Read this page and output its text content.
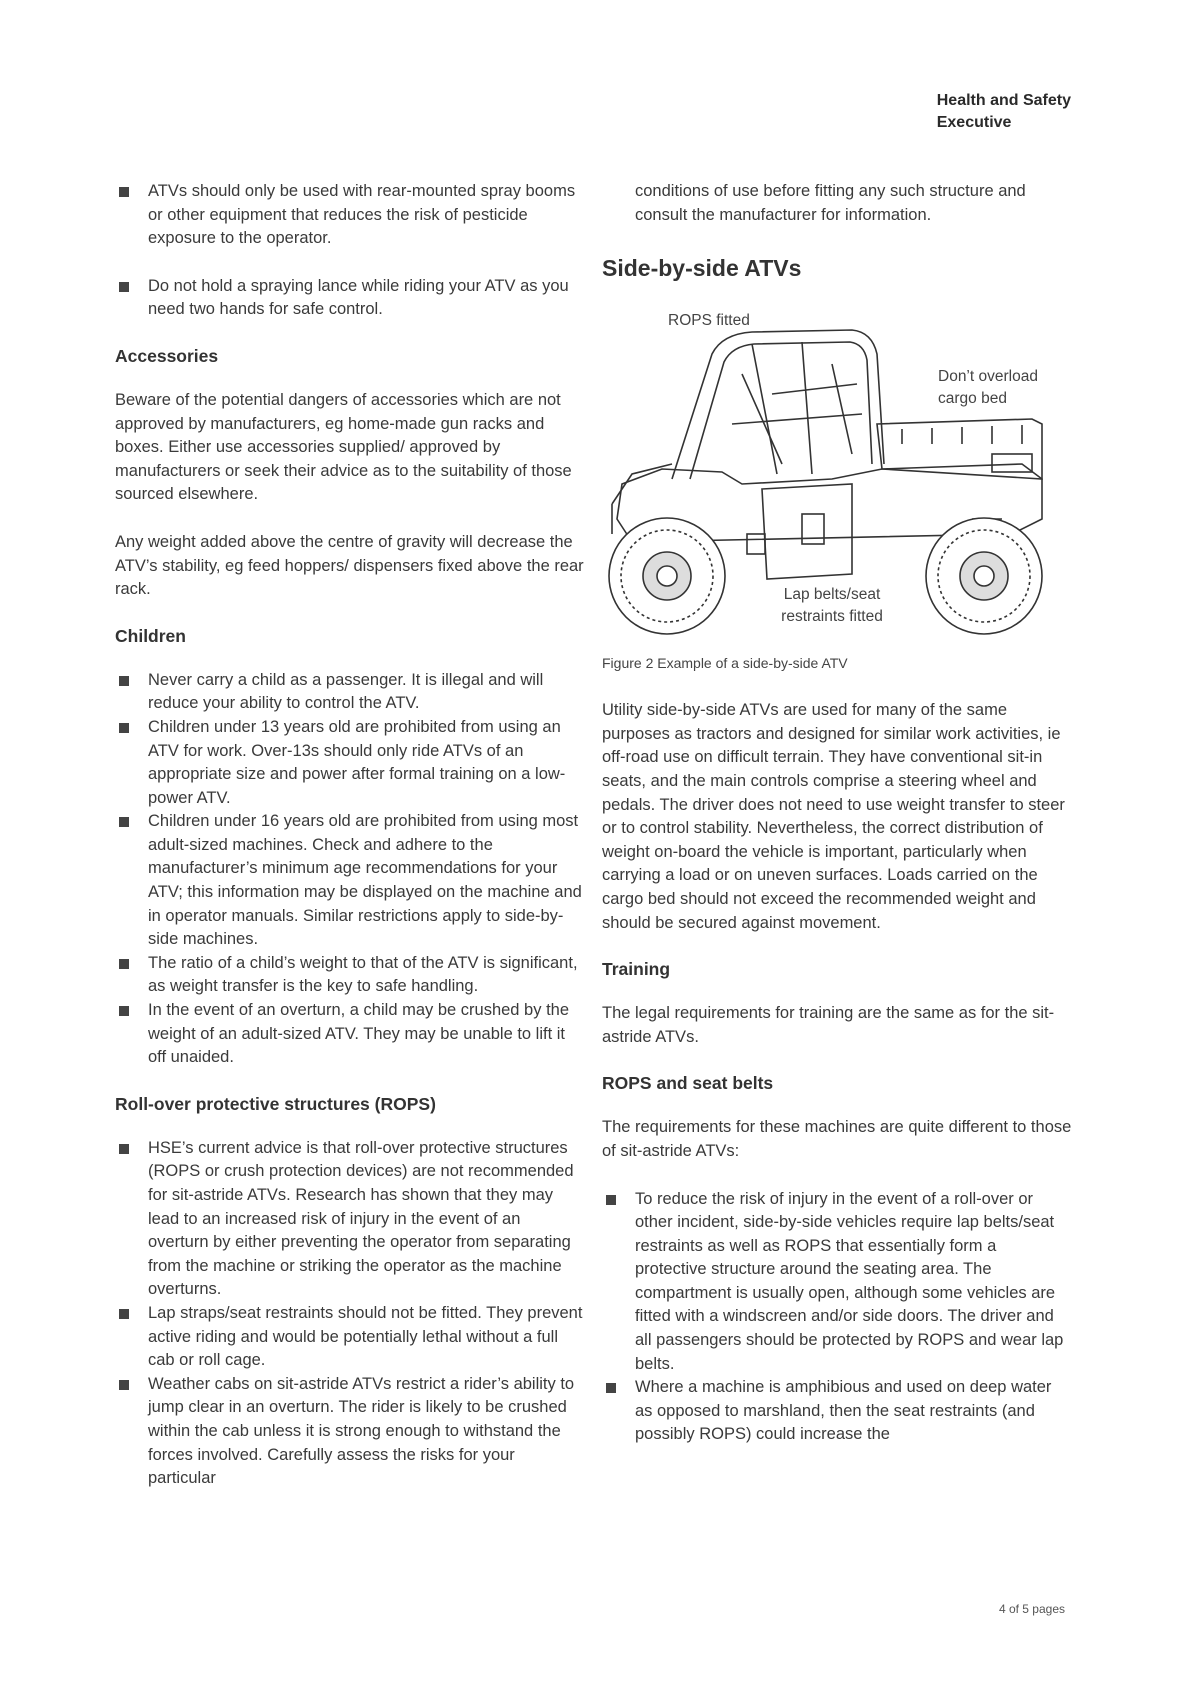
Health and Safety
Executive
ATVs should only be used with rear-mounted spray booms or other equipment that reduces the risk of pesticide exposure to the operator.
Do not hold a spraying lance while riding your ATV as you need two hands for safe control.
Accessories

Beware of the potential dangers of accessories which are not approved by manufacturers, eg home-made gun racks and boxes. Either use accessories supplied/ approved by manufacturers or seek their advice as to the suitability of those sourced elsewhere.

Any weight added above the centre of gravity will decrease the ATV’s stability, eg feed hoppers/ dispensers fixed above the rear rack.

Children
Never carry a child as a passenger. It is illegal and will reduce your ability to control the ATV.
Children under 13 years old are prohibited from using an ATV for work. Over-13s should only ride ATVs of an appropriate size and power after formal training on a low-power ATV.
Children under 16 years old are prohibited from using most adult-sized machines. Check and adhere to the manufacturer’s minimum age recommendations for your ATV; this information may be displayed on the machine and in operator manuals. Similar restrictions apply to side-by-side machines.
The ratio of a child’s weight to that of the ATV is significant, as weight transfer is the key to safe handling.
In the event of an overturn, a child may be crushed by the weight of an adult-sized ATV. They may be unable to lift it off unaided.
Roll-over protective structures (ROPS)
HSE’s current advice is that roll-over protective structures (ROPS or crush protection devices) are not recommended for sit-astride ATVs. Research has shown that they may lead to an increased risk of injury in the event of an overturn by either preventing the operator from separating from the machine or striking the operator as the machine overturns.
Lap straps/seat restraints should not be fitted. They prevent active riding and would be potentially lethal without a full cab or roll cage.
Weather cabs on sit-astride ATVs restrict a rider’s ability to jump clear in an overturn. The rider is likely to be crushed within the cab unless it is strong enough to withstand the forces involved. Carefully assess the risks for your particular

conditions of use before fitting any such structure and consult the manufacturer for information.

Side-by-side ATVs
ROPS fitted
Don’t overload cargo bed
Lap belts/seat restraints fitted
Figure 2 Example of a side-by-side ATV

Utility side-by-side ATVs are used for many of the same purposes as tractors and designed for similar work activities, ie off-road use on difficult terrain. They have conventional sit-in seats, and the main controls comprise a steering wheel and pedals. The driver does not need to use weight transfer to steer or to control stability. Nevertheless, the correct distribution of weight on-board the vehicle is important, particularly when carrying a load or on uneven surfaces. Loads carried on the cargo bed should not exceed the recommended weight and should be secured against movement.

Training

The legal requirements for training are the same as for the sit-astride ATVs.

ROPS and seat belts

The requirements for these machines are quite different to those of sit-astride ATVs:

To reduce the risk of injury in the event of a roll-over or other incident, side-by-side vehicles require lap belts/seat restraints as well as ROPS that essentially form a protective structure around the seating area. The compartment is usually open, although some vehicles are fitted with a windscreen and/or side doors. The driver and all passengers should be protected by ROPS and wear lap belts.
Where a machine is amphibious and used on deep water as opposed to marshland, then the seat restraints (and possibly ROPS) could increase the
4 of 5 pages
